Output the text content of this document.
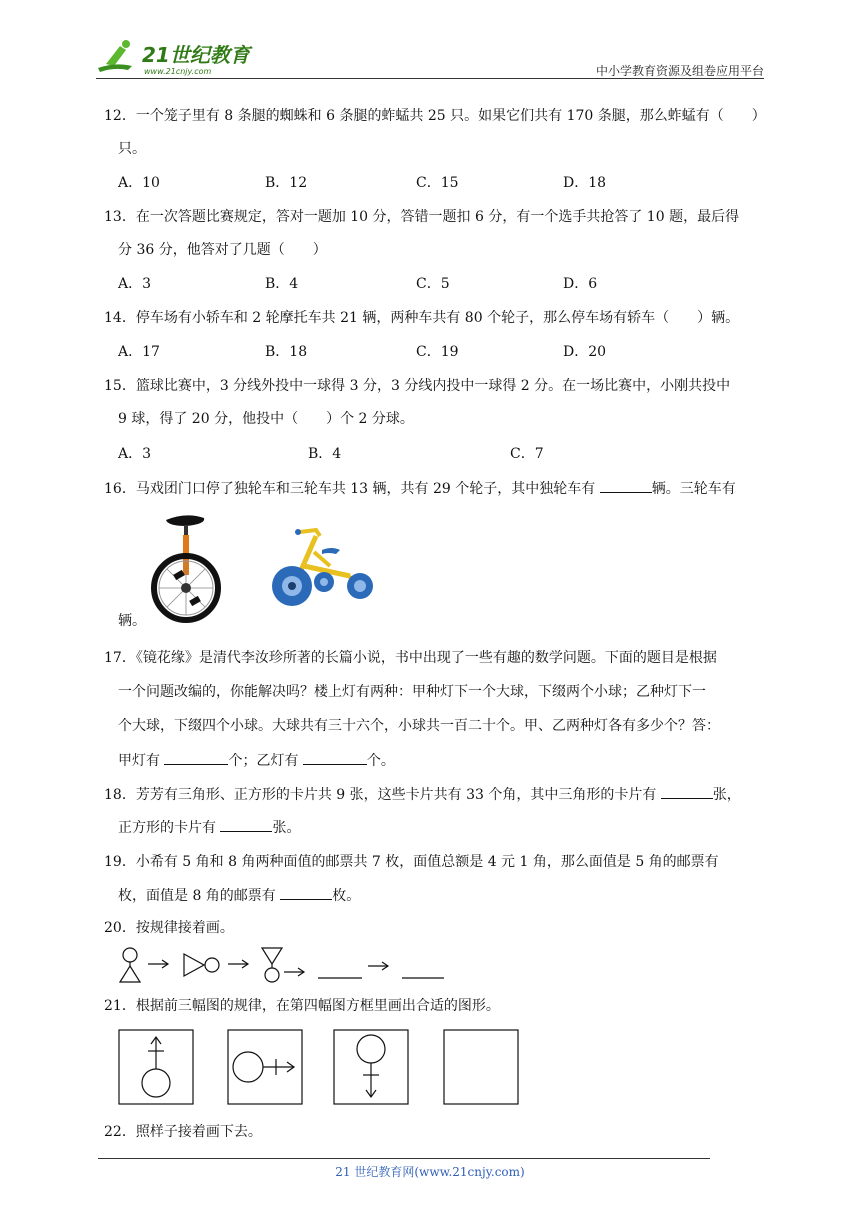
21世纪教育
www.21cnjy.com	中小学教育资源及组卷应用平台
12．一个笼子里有 8 条腿的蜘蛛和 6 条腿的蚱蜢共 25 只。如果它们共有 170 条腿，那么蚱蜢有（　　）
只。
A．10	B．12	C．15	D．18
13．在一次答题比赛规定，答对一题加 10 分，答错一题扣 6 分，有一个选手共抢答了 10 题，最后得
分 36 分，他答对了几题（　　）
A．3	B．4	C．5	D．6
14．停车场有小轿车和 2 轮摩托车共 21 辆，两种车共有 80 个轮子，那么停车场有轿车（　　）辆。
A．17	B．18	C．19	D．20
15．篮球比赛中，3 分线外投中一球得 3 分，3 分线内投中一球得 2 分。在一场比赛中，小刚共投中
9 球，得了 20 分，他投中（　　）个 2 分球。
A．3	B．4	C．7
16．马戏团门口停了独轮车和三轮车共 13 辆，共有 29 个轮子，其中独轮车有	辆。三轮车有
辆。
17．《镜花缘》是清代李汝珍所著的长篇小说，书中出现了一些有趣的数学问题。下面的题目是根据
一个问题改编的，你能解决吗？楼上灯有两种：甲种灯下一个大球，下缀两个小球；乙种灯下一
个大球，下缀四个小球。大球共有三十六个，小球共一百二十个。甲、乙两种灯各有多少个？答：
甲灯有	个；乙灯有	个。
18．芳芳有三角形、正方形的卡片共 9 张，这些卡片共有 33 个角，其中三角形的卡片有	张，
正方形的卡片有	张。
19．小希有 5 角和 8 角两种面值的邮票共 7 枚，面值总额是 4 元 1 角，那么面值是 5 角的邮票有
枚，面值是 8 角的邮票有	枚。
20．按规律接着画。
21．根据前三幅图的规律，在第四幅图方框里画出合适的图形。
22．照样子接着画下去。
21 世纪教育网(www.21cnjy.com)
